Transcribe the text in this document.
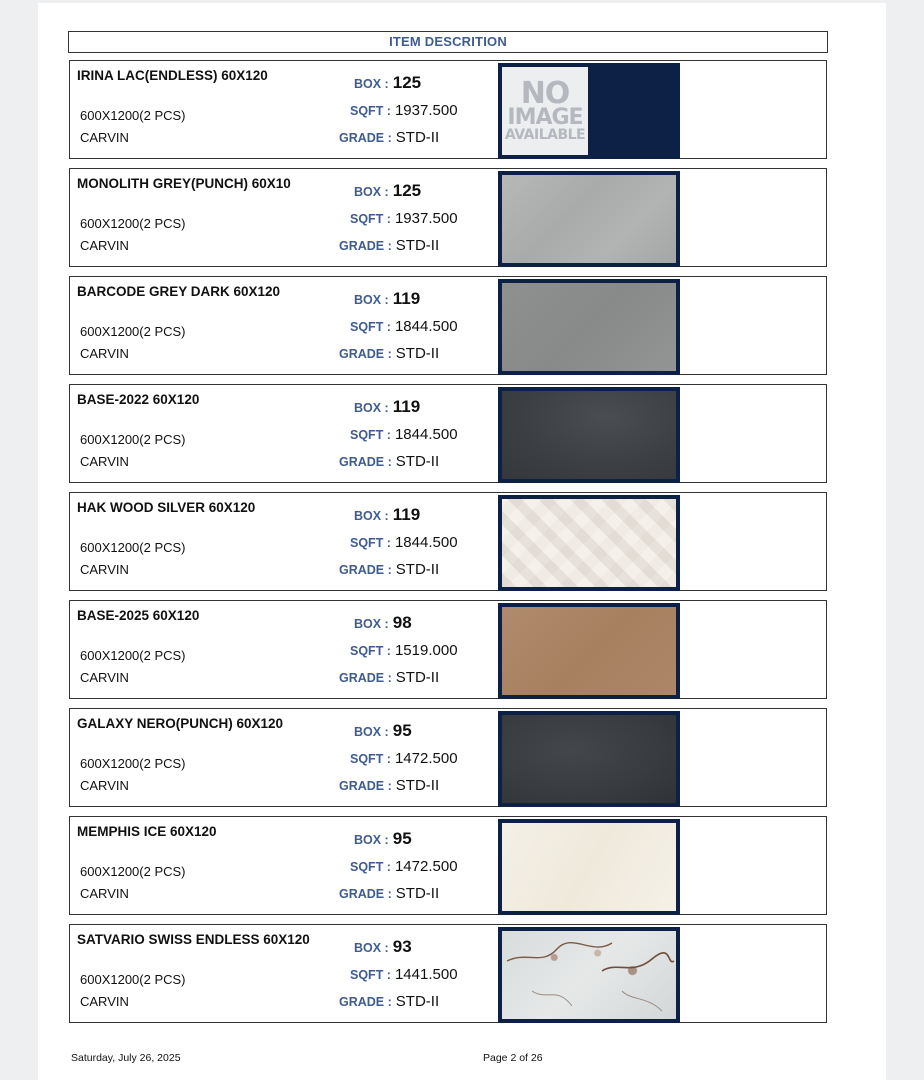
ITEM DESCRITION
IRINA LAC(ENDLESS) 60X120
600X1200(2 PCS)
CARVIN
BOX : 125
SQFT : 1937.500
GRADE : STD-II
NO
IMAGE
AVAILABLE
MONOLITH GREY(PUNCH) 60X10
600X1200(2 PCS)
CARVIN
BOX : 125
SQFT : 1937.500
GRADE : STD-II
BARCODE GREY DARK 60X120
600X1200(2 PCS)
CARVIN
BOX : 119
SQFT : 1844.500
GRADE : STD-II
BASE-2022 60X120
600X1200(2 PCS)
CARVIN
BOX : 119
SQFT : 1844.500
GRADE : STD-II
HAK WOOD SILVER 60X120
600X1200(2 PCS)
CARVIN
BOX : 119
SQFT : 1844.500
GRADE : STD-II
BASE-2025 60X120
600X1200(2 PCS)
CARVIN
BOX : 98
SQFT : 1519.000
GRADE : STD-II
GALAXY NERO(PUNCH) 60X120
600X1200(2 PCS)
CARVIN
BOX : 95
SQFT : 1472.500
GRADE : STD-II
MEMPHIS ICE 60X120
600X1200(2 PCS)
CARVIN
BOX : 95
SQFT : 1472.500
GRADE : STD-II
SATVARIO SWISS ENDLESS 60X120
600X1200(2 PCS)
CARVIN
BOX : 93
SQFT : 1441.500
GRADE : STD-II
Saturday, July 26, 2025	Page 2 of 26
